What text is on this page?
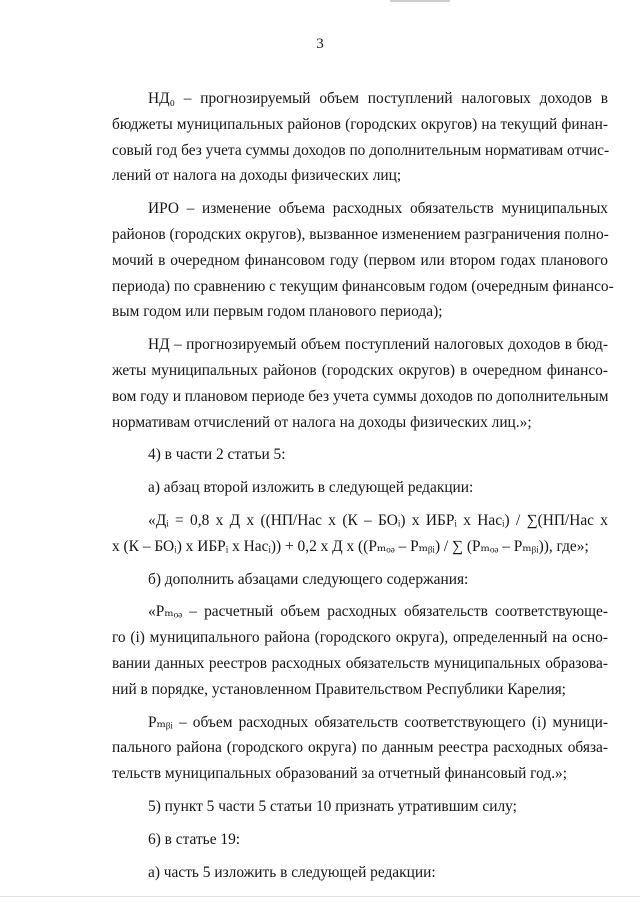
3
НД₀ – прогнозируемый объем поступлений налоговых доходов в
бюджеты муниципальных районов (городских округов) на текущий финан-
совый год без учета суммы доходов по дополнительным нормативам отчис-
лений от налога на доходы физических лиц;
ИРО – изменение объема расходных обязательств муниципальных
районов (городских округов), вызванное изменением разграничения полно-
мочий в очередном финансовом году (первом или втором годах планового
периода) по сравнению с текущим финансовым годом (очередным финансо-
вым годом или первым годом планового периода);
НД – прогнозируемый объем поступлений налоговых доходов в бюд-
жеты муниципальных районов (городских округов) в очередном финансо-
вом году и плановом периоде без учета суммы доходов по дополнительным
нормативам отчислений от налога на доходы физических лиц.»;
4) в части 2 статьи 5:
а) абзац второй изложить в следующей редакции:
«Дᵢ = 0,8 x Д x ((НП/Нас x (К – БОᵢ) x ИБРᵢ x Насᵢ) / ∑(НП/Нас x
x (К – БОᵢ) x ИБРᵢ x Насᵢ)) + 0,2 x Д x ((Рₘₒₔ – Рₘᵦᵢ) / ∑ (Рₘₒₔ – Рₘᵦᵢ)), где»;
б) дополнить абзацами следующего содержания:
«Рₘₒₔ – расчетный объем расходных обязательств соответствующе-
го (i) муниципального района (городского округа), определенный на осно-
вании данных реестров расходных обязательств муниципальных образова-
ний в порядке, установленном Правительством Республики Карелия;
Рₘᵦᵢ – объем расходных обязательств соответствующего (i) муници-
пального района (городского округа) по данным реестра расходных обяза-
тельств муниципальных образований за отчетный финансовый год.»;
5) пункт 5 части 5 статьи 10 признать утратившим силу;
6) в статье 19:
а) часть 5 изложить в следующей редакции:
